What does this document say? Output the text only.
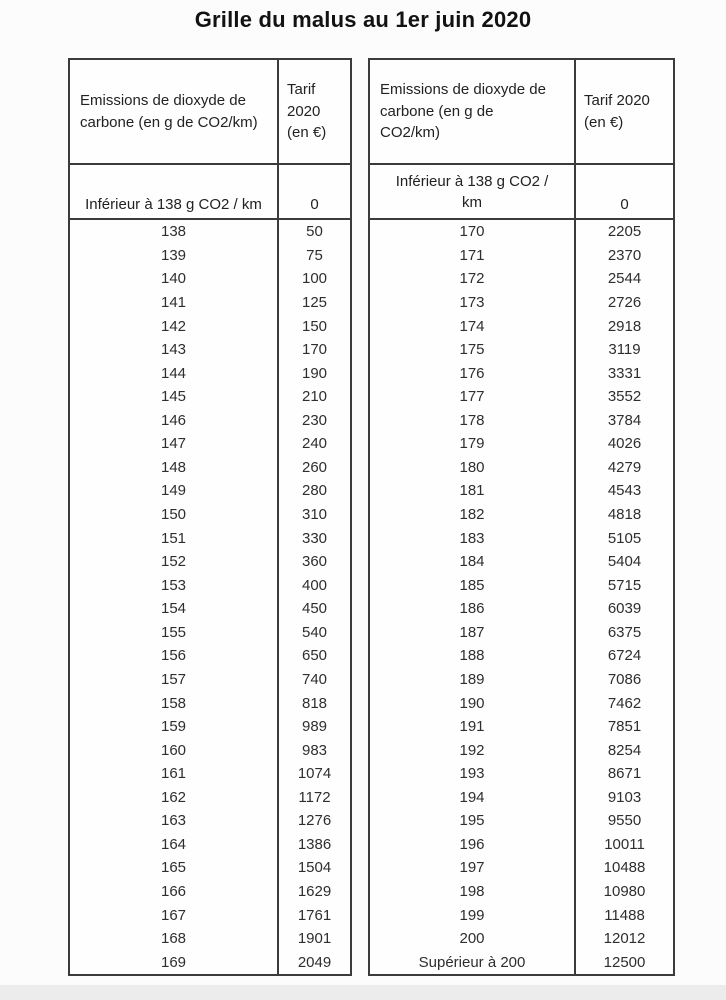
Grille du malus au 1er juin 2020
Emissions de dioxyde de carbone (en g de CO2/km)
Tarif 2020 (en €)
Inférieur à 138 g CO2 / km	0
138	50
139	75
140	100
141	125
142	150
143	170
144	190
145	210
146	230
147	240
148	260
149	280
150	310
151	330
152	360
153	400
154	450
155	540
156	650
157	740
158	818
159	989
160	983
161	1074
162	1172
163	1276
164	1386
165	1504
166	1629
167	1761
168	1901
169	2049
Emissions de dioxyde de carbone (en g de CO2/km)
Tarif 2020 (en €)
Inférieur à 138 g CO2 / km	0
170	2205
171	2370
172	2544
173	2726
174	2918
175	3119
176	3331
177	3552
178	3784
179	4026
180	4279
181	4543
182	4818
183	5105
184	5404
185	5715
186	6039
187	6375
188	6724
189	7086
190	7462
191	7851
192	8254
193	8671
194	9103
195	9550
196	10011
197	10488
198	10980
199	11488
200	12012
Supérieur à 200	12500
